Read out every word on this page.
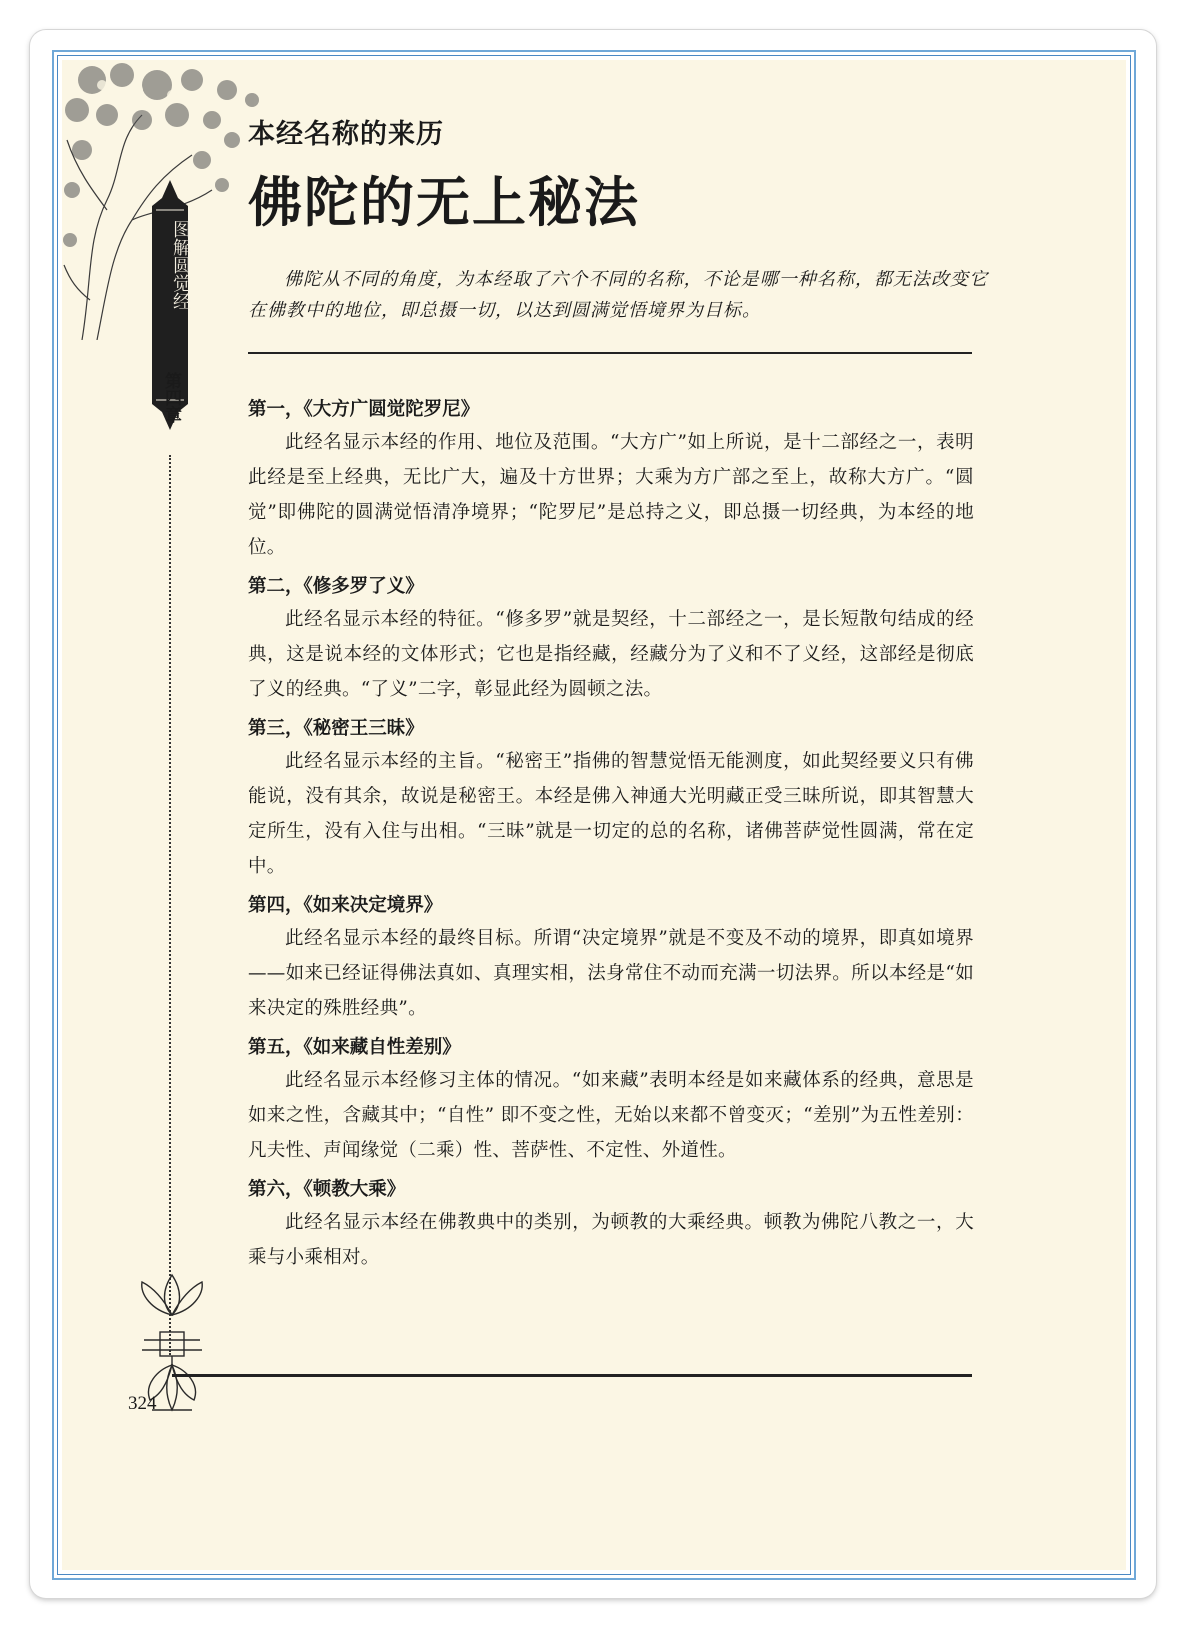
图解圆觉经
第四章
本经名称的来历
佛陀的无上秘法
佛陀从不同的角度，为本经取了六个不同的名称，不论是哪一种名称，都无法改变它在佛教中的地位，即总摄一切，以达到圆满觉悟境界为目标。
第一，《大方广圆觉陀罗尼》

此经名显示本经的作用、地位及范围。“大方广”如上所说，是十二部经之一，表明此经是至上经典，无比广大，遍及十方世界；大乘为方广部之至上，故称大方广。“圆觉”即佛陀的圆满觉悟清净境界；“陀罗尼”是总持之义，即总摄一切经典，为本经的地位。

第二，《修多罗了义》

此经名显示本经的特征。“修多罗”就是契经，十二部经之一，是长短散句结成的经典，这是说本经的文体形式；它也是指经藏，经藏分为了义和不了义经，这部经是彻底了义的经典。“了义”二字，彰显此经为圆顿之法。

第三，《秘密王三昧》

此经名显示本经的主旨。“秘密王”指佛的智慧觉悟无能测度，如此契经要义只有佛能说，没有其余，故说是秘密王。本经是佛入神通大光明藏正受三昧所说，即其智慧大定所生，没有入住与出相。“三昧”就是一切定的总的名称，诸佛菩萨觉性圆满，常在定中。

第四，《如来决定境界》

此经名显示本经的最终目标。所谓“决定境界”就是不变及不动的境界，即真如境界——如来已经证得佛法真如、真理实相，法身常住不动而充满一切法界。所以本经是“如来决定的殊胜经典”。

第五，《如来藏自性差别》

此经名显示本经修习主体的情况。“如来藏”表明本经是如来藏体系的经典，意思是如来之性，含藏其中；“自性” 即不变之性，无始以来都不曾变灭；“差别”为五性差别：凡夫性、声闻缘觉（二乘）性、菩萨性、不定性、外道性。

第六，《顿教大乘》

此经名显示本经在佛教典中的类别，为顿教的大乘经典。顿教为佛陀八教之一，大乘与小乘相对。

324
